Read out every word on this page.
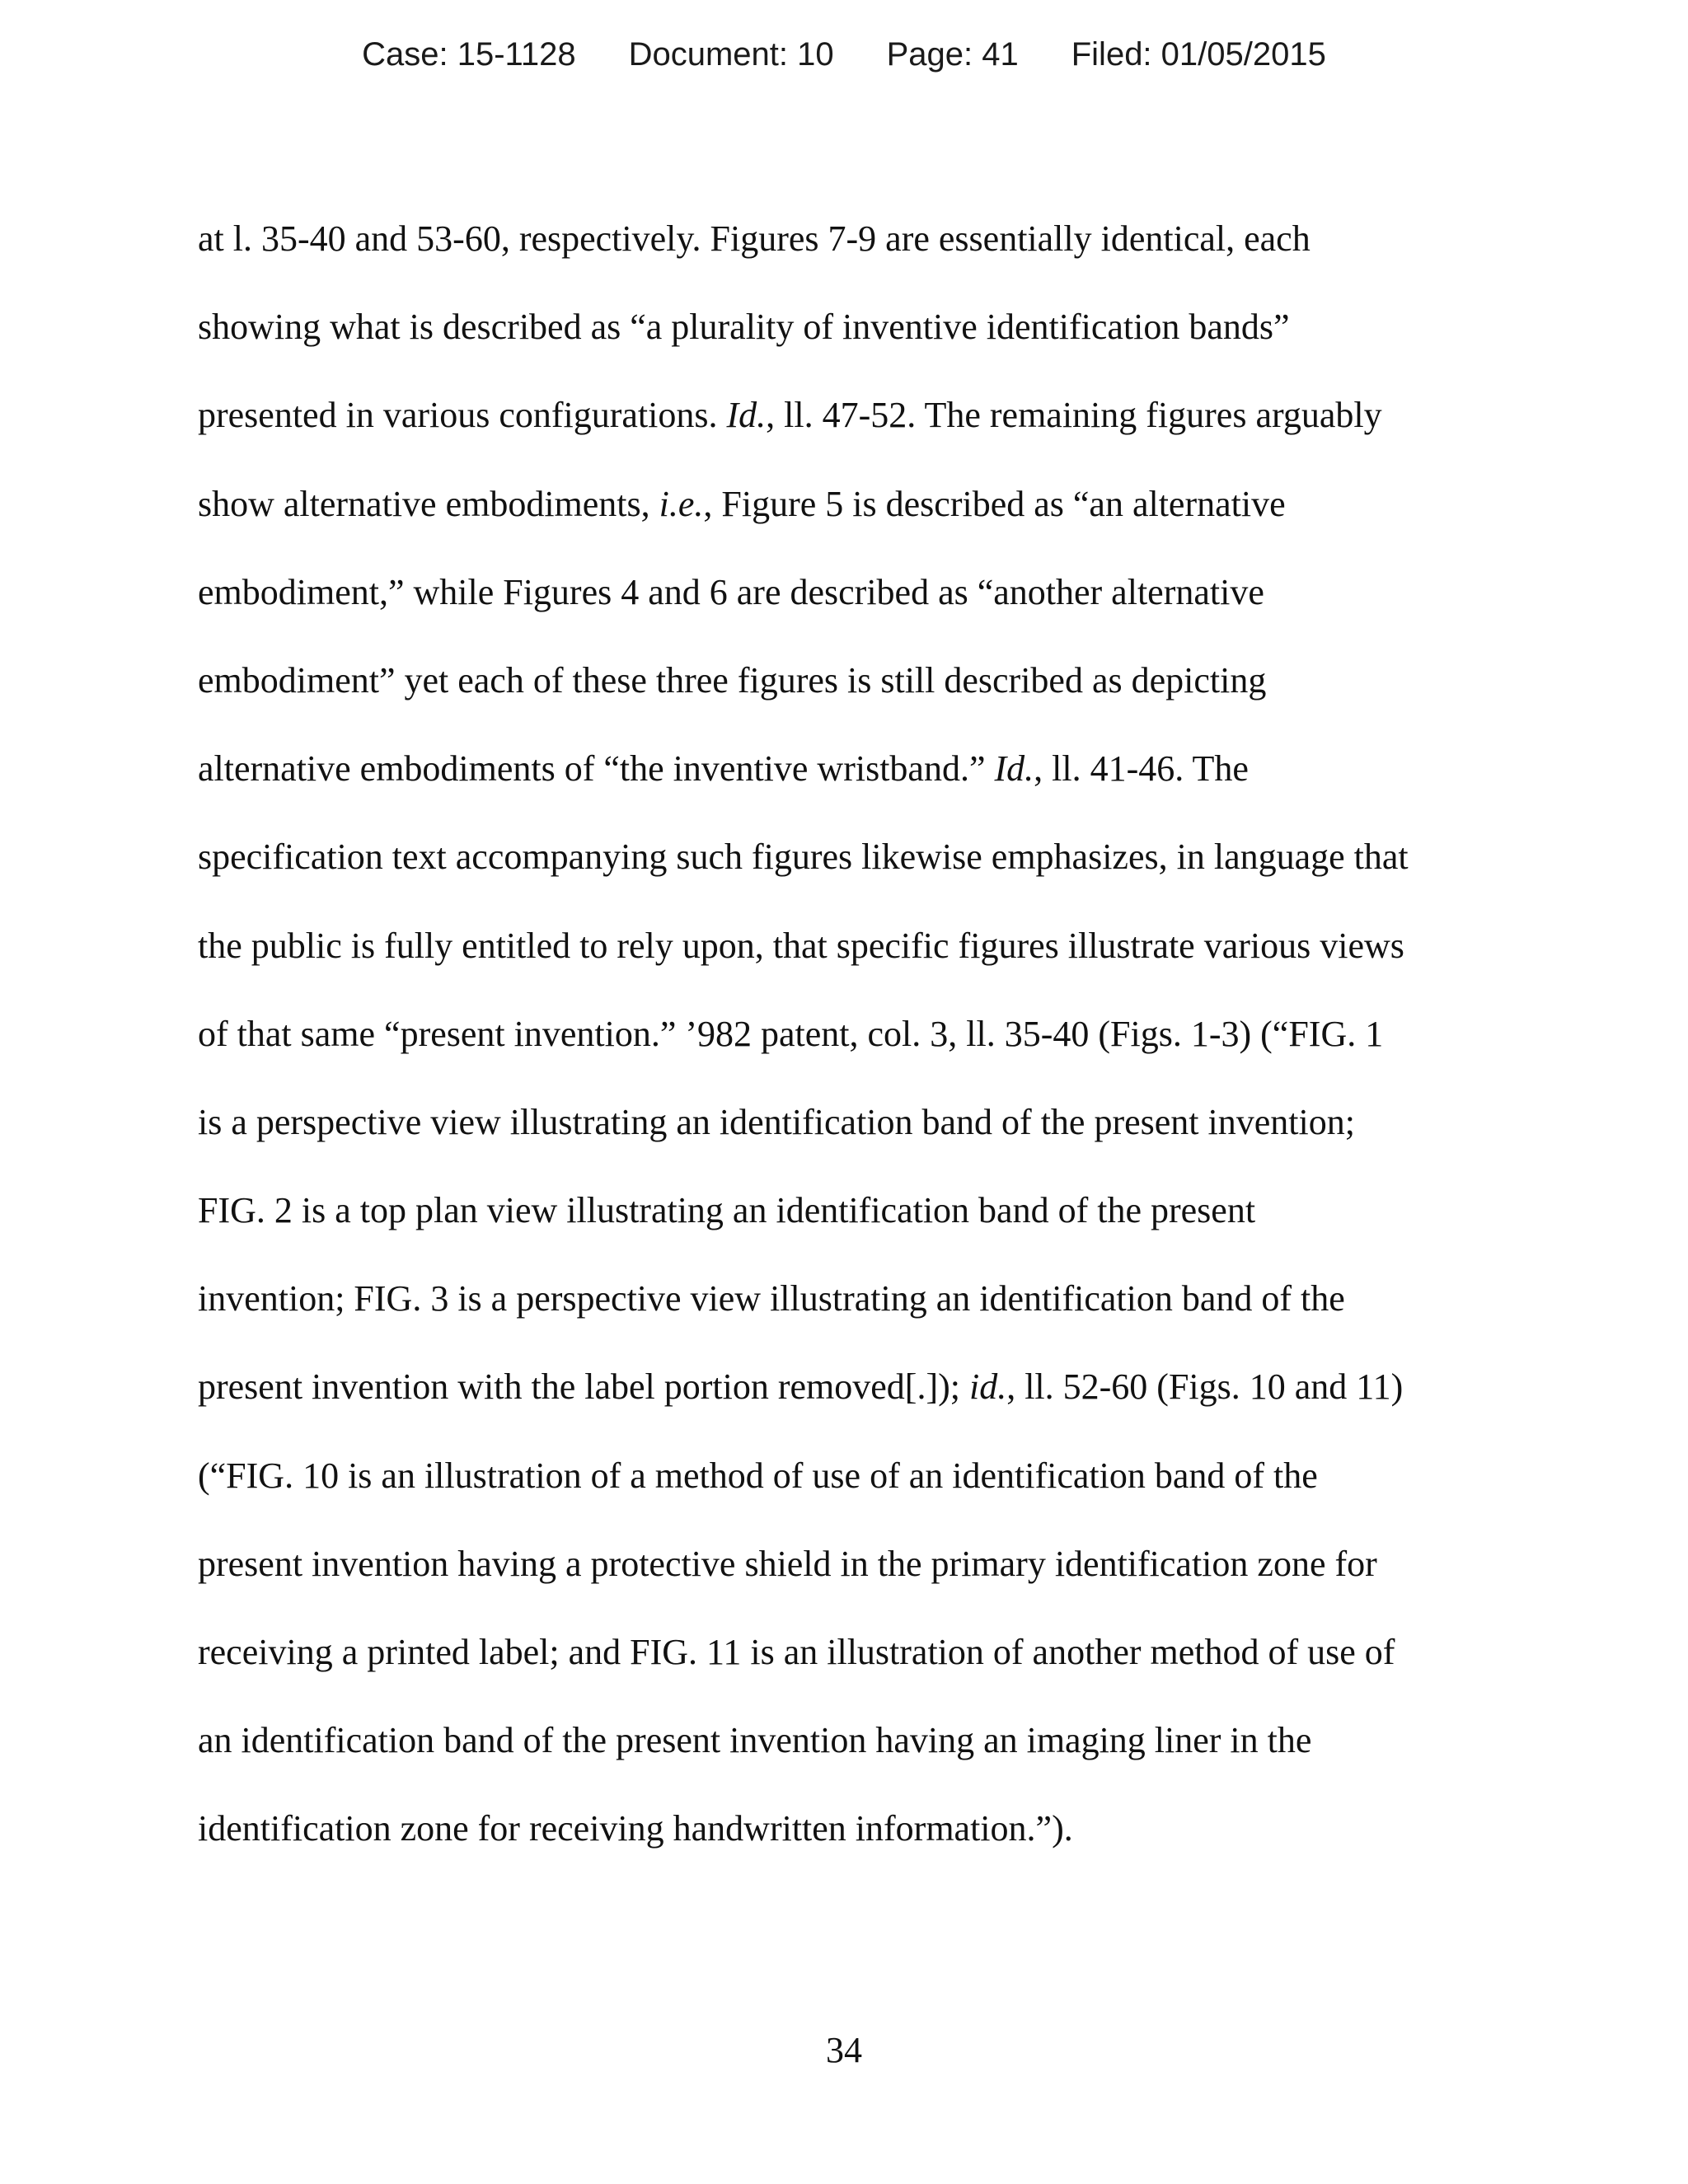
Case: 15-1128 Document: 10 Page: 41 Filed: 01/05/2015
at l. 35-40 and 53-60, respectively. Figures 7-9 are essentially identical, each
showing what is described as “a plurality of inventive identification bands”
presented in various configurations. Id., ll. 47-52. The remaining figures arguably
show alternative embodiments, i.e., Figure 5 is described as “an alternative
embodiment,” while Figures 4 and 6 are described as “another alternative
embodiment” yet each of these three figures is still described as depicting
alternative embodiments of “the inventive wristband.” Id., ll. 41-46. The
specification text accompanying such figures likewise emphasizes, in language that
the public is fully entitled to rely upon, that specific figures illustrate various views
of that same “present invention.” ’982 patent, col. 3, ll. 35-40 (Figs. 1-3) (“FIG. 1
is a perspective view illustrating an identification band of the present invention;
FIG. 2 is a top plan view illustrating an identification band of the present
invention; FIG. 3 is a perspective view illustrating an identification band of the
present invention with the label portion removed[.]); id., ll. 52-60 (Figs. 10 and 11)
(“FIG. 10 is an illustration of a method of use of an identification band of the
present invention having a protective shield in the primary identification zone for
receiving a printed label; and FIG. 11 is an illustration of another method of use of
an identification band of the present invention having an imaging liner in the
identification zone for receiving handwritten information.”).
34
